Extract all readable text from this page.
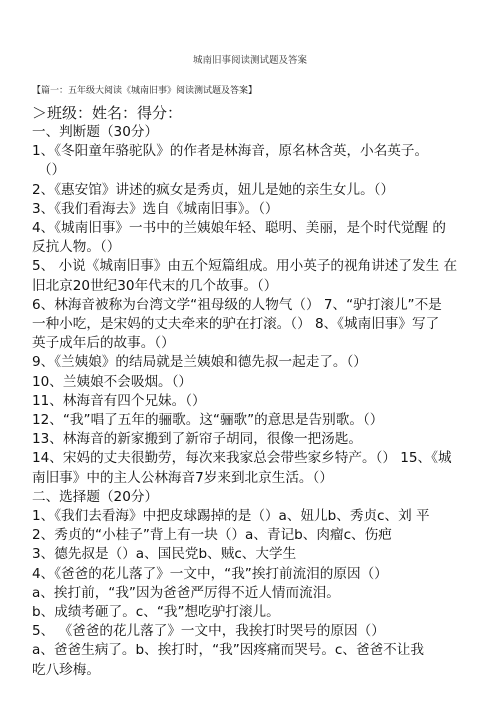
城南旧事阅读测试题及答案
【篇一：五年级大阅读《城南旧事》阅读测试题及答案】

＞班级：姓名：得分：

一、判断题（30分）

1、《冬阳童年骆驼队》的作者是林海音，原名林含英，小名英子。

（）

2、《惠安馆》讲述的疯女是秀贞，妞儿是她的亲生女儿。（）

3、《我们看海去》选自《城南旧事》。（）

4、《城南旧事》一书中的兰姨娘年轻、聪明、美丽，是个时代觉醒 的

反抗人物。（）

5、 小说《城南旧事》由五个短篇组成。用小英子的视角讲述了发生 在

旧北京20世纪30年代末的几个故事。（）

6、林海音被称为台湾文学“祖母级的人物气（） 7、“驴打滚儿”不是

一种小吃，是宋妈的丈夫牵来的驴在打滚。（） 8、《城南旧事》写了

英子成年后的故事。（）

9、《兰姨娘》的结局就是兰姨娘和德先叔一起走了。（）

10、兰姨娘不会吸烟。（）

11、林海音有四个兄妹。（）

12、“我”唱了五年的骊歌。这“骊歌”的意思是告别歌。（）

13、林海音的新家搬到了新帘子胡同，很像一把汤匙。

14、宋妈的丈夫很勤劳，每次来我家总会带些家乡特产。（） 15、《城

南旧事》中的主人公林海音7岁来到北京生活。（）

二、选择题（20分）

1、《我们去看海》中把皮球踢掉的是（）a、妞儿b、秀贞c、刘 平

2、秀贞的“小桂子”背上有一块（）a、青记b、肉瘤c、伤疤

3、德先叔是（）a、国民党b、贼c、大学生

4、《爸爸的花儿落了》一文中，“我”挨打前流泪的原因（）

a、挨打前，“我”因为爸爸严厉得不近人情而流泪。

b、成绩考砸了。c、“我”想吃驴打滚儿。

5、 《爸爸的花儿落了》一文中，我挨打时哭号的原因（）

a、爸爸生病了。b、挨打时，“我”因疼痛而哭号。c、爸爸不让我

吃八珍梅。
